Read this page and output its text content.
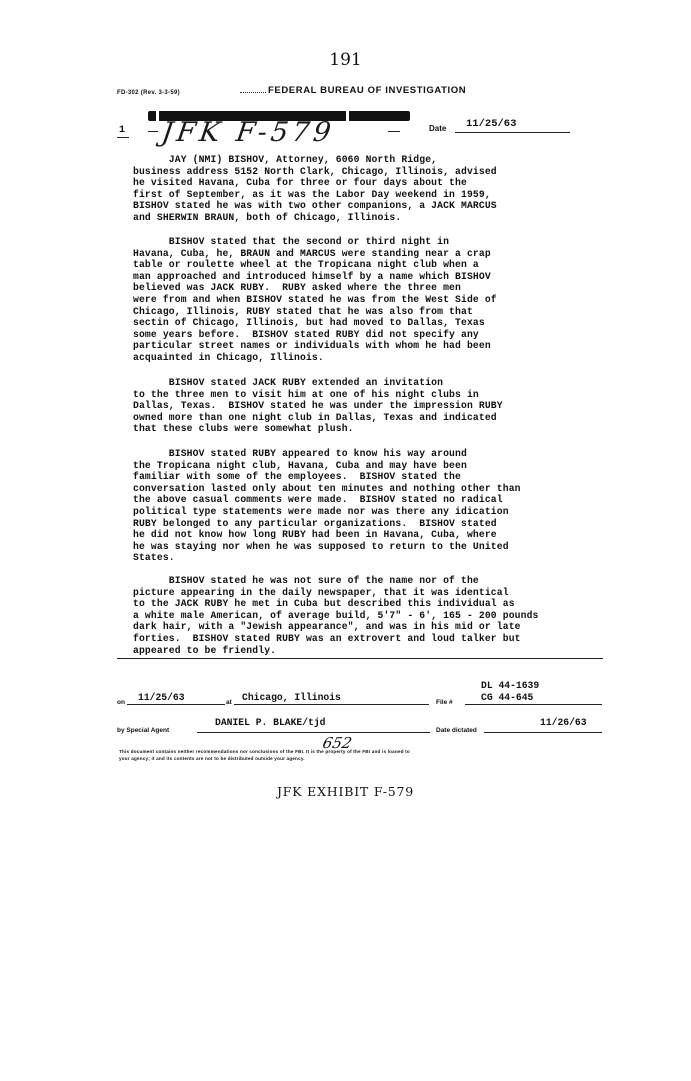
191
FD-302 (Rev. 3-3-59)	FEDERAL BUREAU OF INVESTIGATION
1 JFK F-579	Date 11/25/63

JAY (NMI) BISHOV, Attorney, 6060 North Ridge,
business address 5152 North Clark, Chicago, Illinois, advised
he visited Havana, Cuba for three or four days about the
first of September, as it was the Labor Day weekend in 1959,
BISHOV stated he was with two other companions, a JACK MARCUS
and SHERWIN BRAUN, both of Chicago, Illinois.

BISHOV stated that the second or third night in
Havana, Cuba, he, BRAUN and MARCUS were standing near a crap
table or roulette wheel at the Tropicana night club when a
man approached and introduced himself by a name which BISHOV
believed was JACK RUBY.  RUBY asked where the three men
were from and when BISHOV stated he was from the West Side of
Chicago, Illinois, RUBY stated that he was also from that
sectin of Chicago, Illinois, but had moved to Dallas, Texas
some years before.  BISHOV stated RUBY did not specify any
particular street names or individuals with whom he had been
acquainted in Chicago, Illinois.

BISHOV stated JACK RUBY extended an invitation
to the three men to visit him at one of his night clubs in
Dallas, Texas.  BISHOV stated he was under the impression RUBY
owned more than one night club in Dallas, Texas and indicated
that these clubs were somewhat plush.

BISHOV stated RUBY appeared to know his way around
the Tropicana night club, Havana, Cuba and may have been
familiar with some of the employees.  BISHOV stated the
conversation lasted only about ten minutes and nothing other than
the above casual comments were made.  BISHOV stated no radical
political type statements were made nor was there any idication
RUBY belonged to any particular organizations.  BISHOV stated
he did not know how long RUBY had been in Havana, Cuba, where
he was staying nor when he was supposed to return to the United
States.

BISHOV stated he was not sure of the name nor of the
picture appearing in the daily newspaper, that it was identical
to the JACK RUBY he met in Cuba but described this individual as
a white male American, of average build, 5'7" - 6', 165 - 200 pounds
dark hair, with a "Jewish appearance", and was in his mid or late
forties.  BISHOV stated RUBY was an extrovert and loud talker but
appeared to be friendly.

DL 44-1639
CG 44-645
on 11/25/63	at Chicago, Illinois	File #
by Special Agent
DANIEL P. BLAKE/tjd
Date dictated
11/26/63
652
This document contains neither recommendations nor conclusions of the FBI. It is the property of the FBI and is loaned to
your agency; it and its contents are not to be distributed outside your agency.
JFK EXHIBIT F-579
